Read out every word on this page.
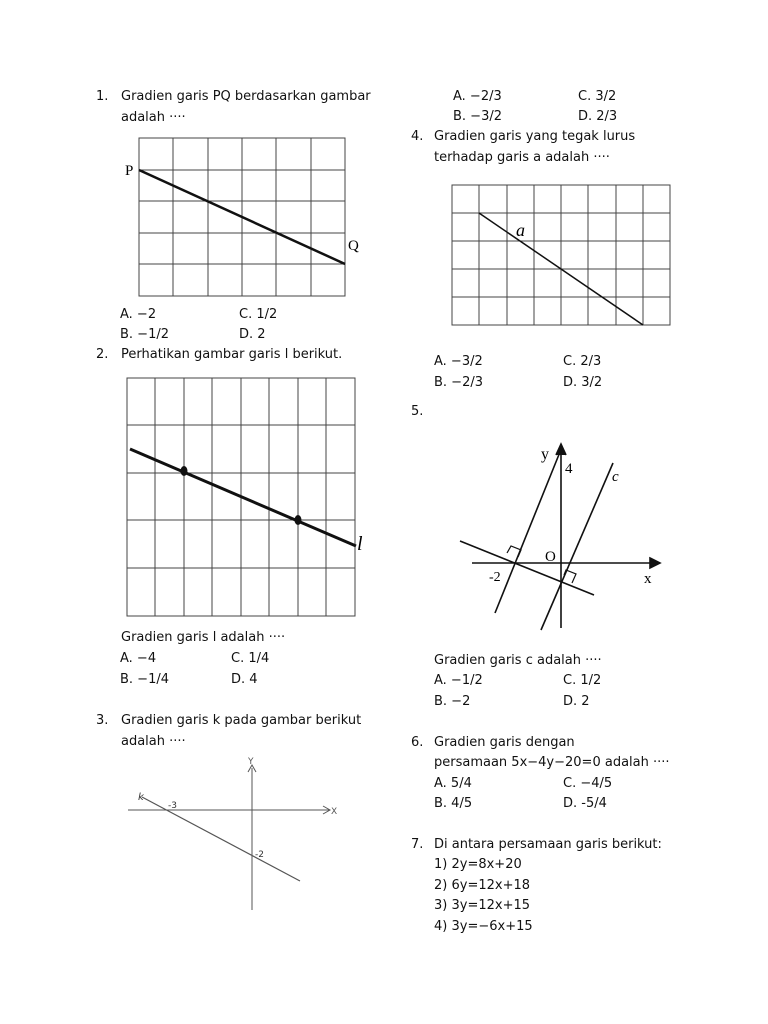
1. Gradien garis PQ berdasarkan gambar
adalah ····
P
Q
A. −2	C. 1/2
B. −1/2	D. 2
2. Perhatikan gambar garis l berikut.
l
Gradien garis l adalah ····
A. −4	C. 1/4
B. −1/4	D. 4
3. Gradien garis k pada gambar berikut
adalah ····
Y
X
k
-3
-2
A. −2/3	C. 3/2
B. −3/2	D. 2/3
4. Gradien garis yang tegak lurus
terhadap garis a adalah ····
a
A. −3/2	C. 2/3
B. −2/3	D. 3/2
5.
y
4	c
O
-2	x
Gradien garis c adalah ····
A. −1/2	C. 1/2
B. −2	D. 2
6. Gradien garis dengan
persamaan 5x−4y−20=0 adalah ····
A. 5/4	C. −4/5
B. 4/5	D. -5/4
7. Di antara persamaan garis berikut:
1) 2y=8x+20
2) 6y=12x+18
3) 3y=12x+15
4) 3y=−6x+15
